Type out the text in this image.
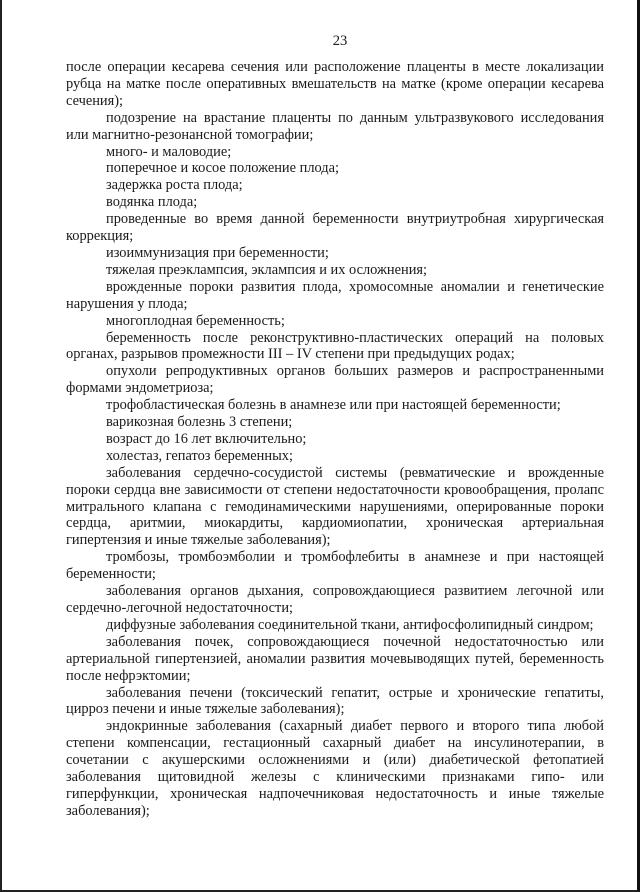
23

после операции кесарева сечения или расположение плаценты в месте локализации рубца на матке после оперативных вмешательств на матке (кроме операции кесарева сечения);

подозрение на врастание плаценты по данным ультразвукового исследования или магнитно-резонансной томографии;

много- и маловодие;

поперечное и косое положение плода;

задержка роста плода;

водянка плода;

проведенные во время данной беременности внутриутробная хирургическая коррекция;

изоиммунизация при беременности;

тяжелая преэклампсия, эклампсия и их осложнения;

врожденные пороки развития плода, хромосомные аномалии и генетические нарушения у плода;

многоплодная беременность;

беременность после реконструктивно-пластических операций на половых органах, разрывов промежности III – IV степени при предыдущих родах;

опухоли репродуктивных органов больших размеров и распространенными формами эндометриоза;

трофобластическая болезнь в анамнезе или при настоящей беременности;

варикозная болезнь 3 степени;

возраст до 16 лет включительно;

холестаз, гепатоз беременных;

заболевания сердечно-сосудистой системы (ревматические и врожденные пороки сердца вне зависимости от степени недостаточности кровообращения, пролапс митрального клапана с гемодинамическими нарушениями, оперированные пороки сердца, аритмии, миокардиты, кардиомиопатии, хроническая артериальная гипертензия и иные тяжелые заболевания);

тромбозы, тромбоэмболии и тромбофлебиты в анамнезе и при настоящей беременности;

заболевания органов дыхания, сопровождающиеся развитием легочной или сердечно-легочной недостаточности;

диффузные заболевания соединительной ткани, антифосфолипидный синдром;

заболевания почек, сопровождающиеся почечной недостаточностью или артериальной гипертензией, аномалии развития мочевыводящих путей, беременность после нефрэктомии;

заболевания печени (токсический гепатит, острые и хронические гепатиты, цирроз печени и иные тяжелые заболевания);

эндокринные заболевания (сахарный диабет первого и второго типа любой степени компенсации, гестационный сахарный диабет на инсулинотерапии, в сочетании с акушерскими осложнениями и (или) диабетической фетопатией заболевания щитовидной железы с клиническими признаками гипо- или гиперфункции, хроническая надпочечниковая недостаточность и иные тяжелые заболевания);
